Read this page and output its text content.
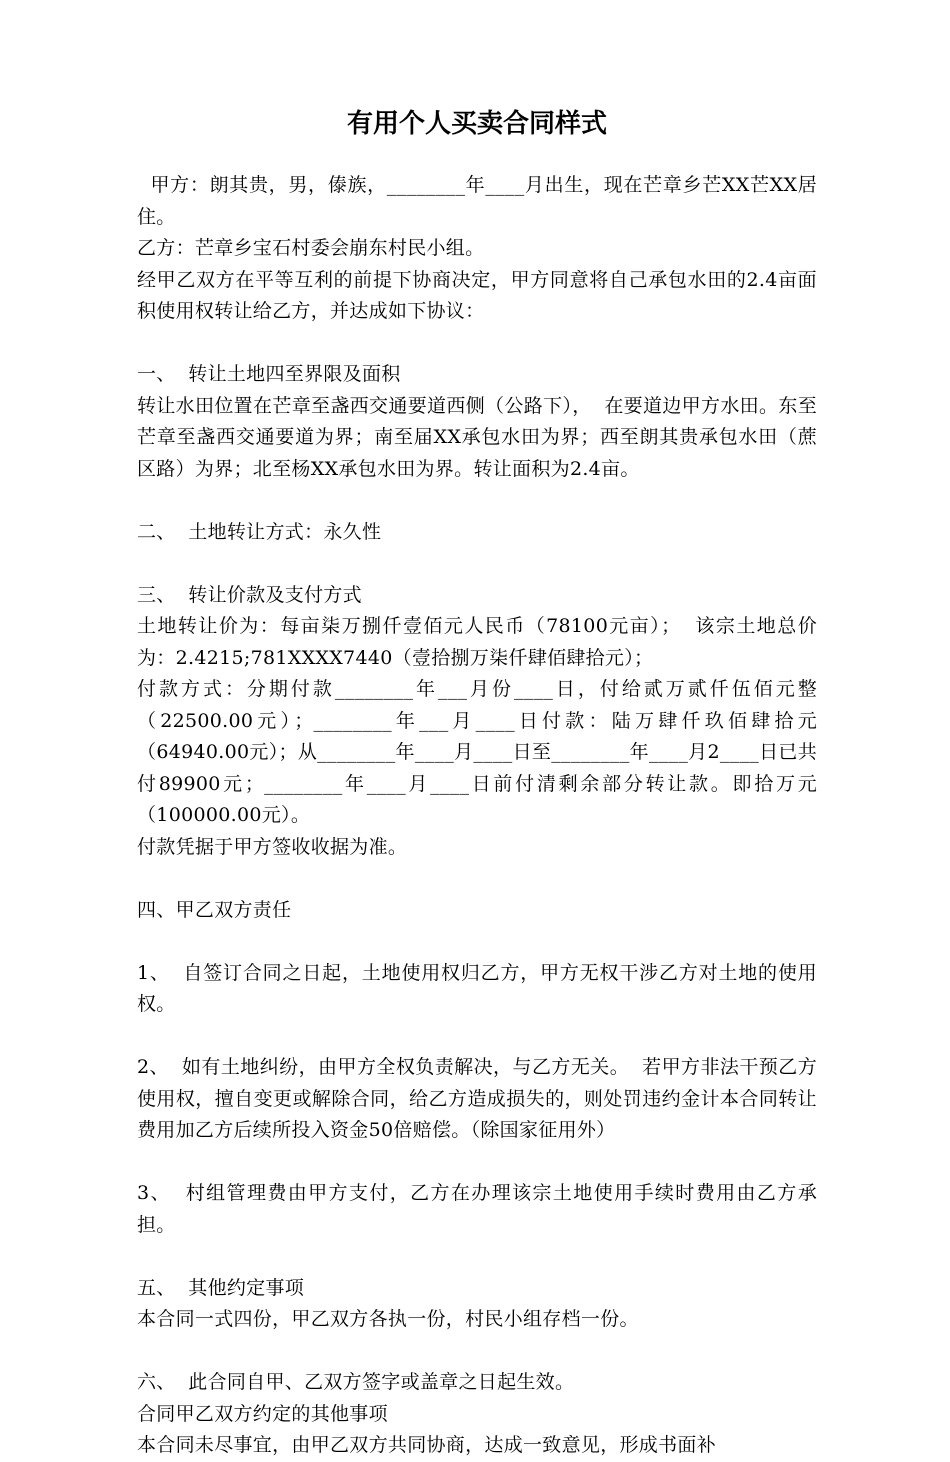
有用个人买卖合同样式

甲方：朗其贵，男，傣族，________年____月出生，现在芒章乡芒XX芒XX居住。

乙方：芒章乡宝石村委会崩东村民小组。

经甲乙双方在平等互利的前提下协商决定，甲方同意将自己承包水田的2.4亩面积使用权转让给乙方，并达成如下协议：

一、  转让土地四至界限及面积

转让水田位置在芒章至盏西交通要道西侧（公路下），  在要道边甲方水田。东至芒章至盏西交通要道为界；南至届XX承包水田为界；西至朗其贵承包水田（蔗区路）为界；北至杨XX承包水田为界。转让面积为2.4亩。

二、  土地转让方式：永久性

三、  转让价款及支付方式

土地转让价为：每亩柒万捌仟壹佰元人民币（78100元亩）；  该宗土地总价为：2.4215;781XXXX7440（壹拾捌万柒仟肆佰肆拾元）；

付款方式：分期付款________年___月份____日，付给贰万贰仟伍佰元整（22500.00元）；________年___月____日付款：陆万肆仟玖佰肆拾元（64940.00元）；从________年____月____日至________年____月2____日已共付89900元；________年____月____日前付清剩余部分转让款。即拾万元（100000.00元）。

付款凭据于甲方签收收据为准。

四、甲乙双方责任

1、  自签订合同之日起，土地使用权归乙方，甲方无权干涉乙方对土地的使用权。

2、  如有土地纠纷，由甲方全权负责解决，与乙方无关。  若甲方非法干预乙方使用权，擅自变更或解除合同，给乙方造成损失的，则处罚违约金计本合同转让费用加乙方后续所投入资金50倍赔偿。（除国家征用外）

3、  村组管理费由甲方支付，乙方在办理该宗土地使用手续时费用由乙方承担。

五、  其他约定事项

本合同一式四份，甲乙双方各执一份，村民小组存档一份。

六、  此合同自甲、乙双方签字或盖章之日起生效。

合同甲乙双方约定的其他事项

本合同未尽事宜，由甲乙双方共同协商，达成一致意见，形成书面补
